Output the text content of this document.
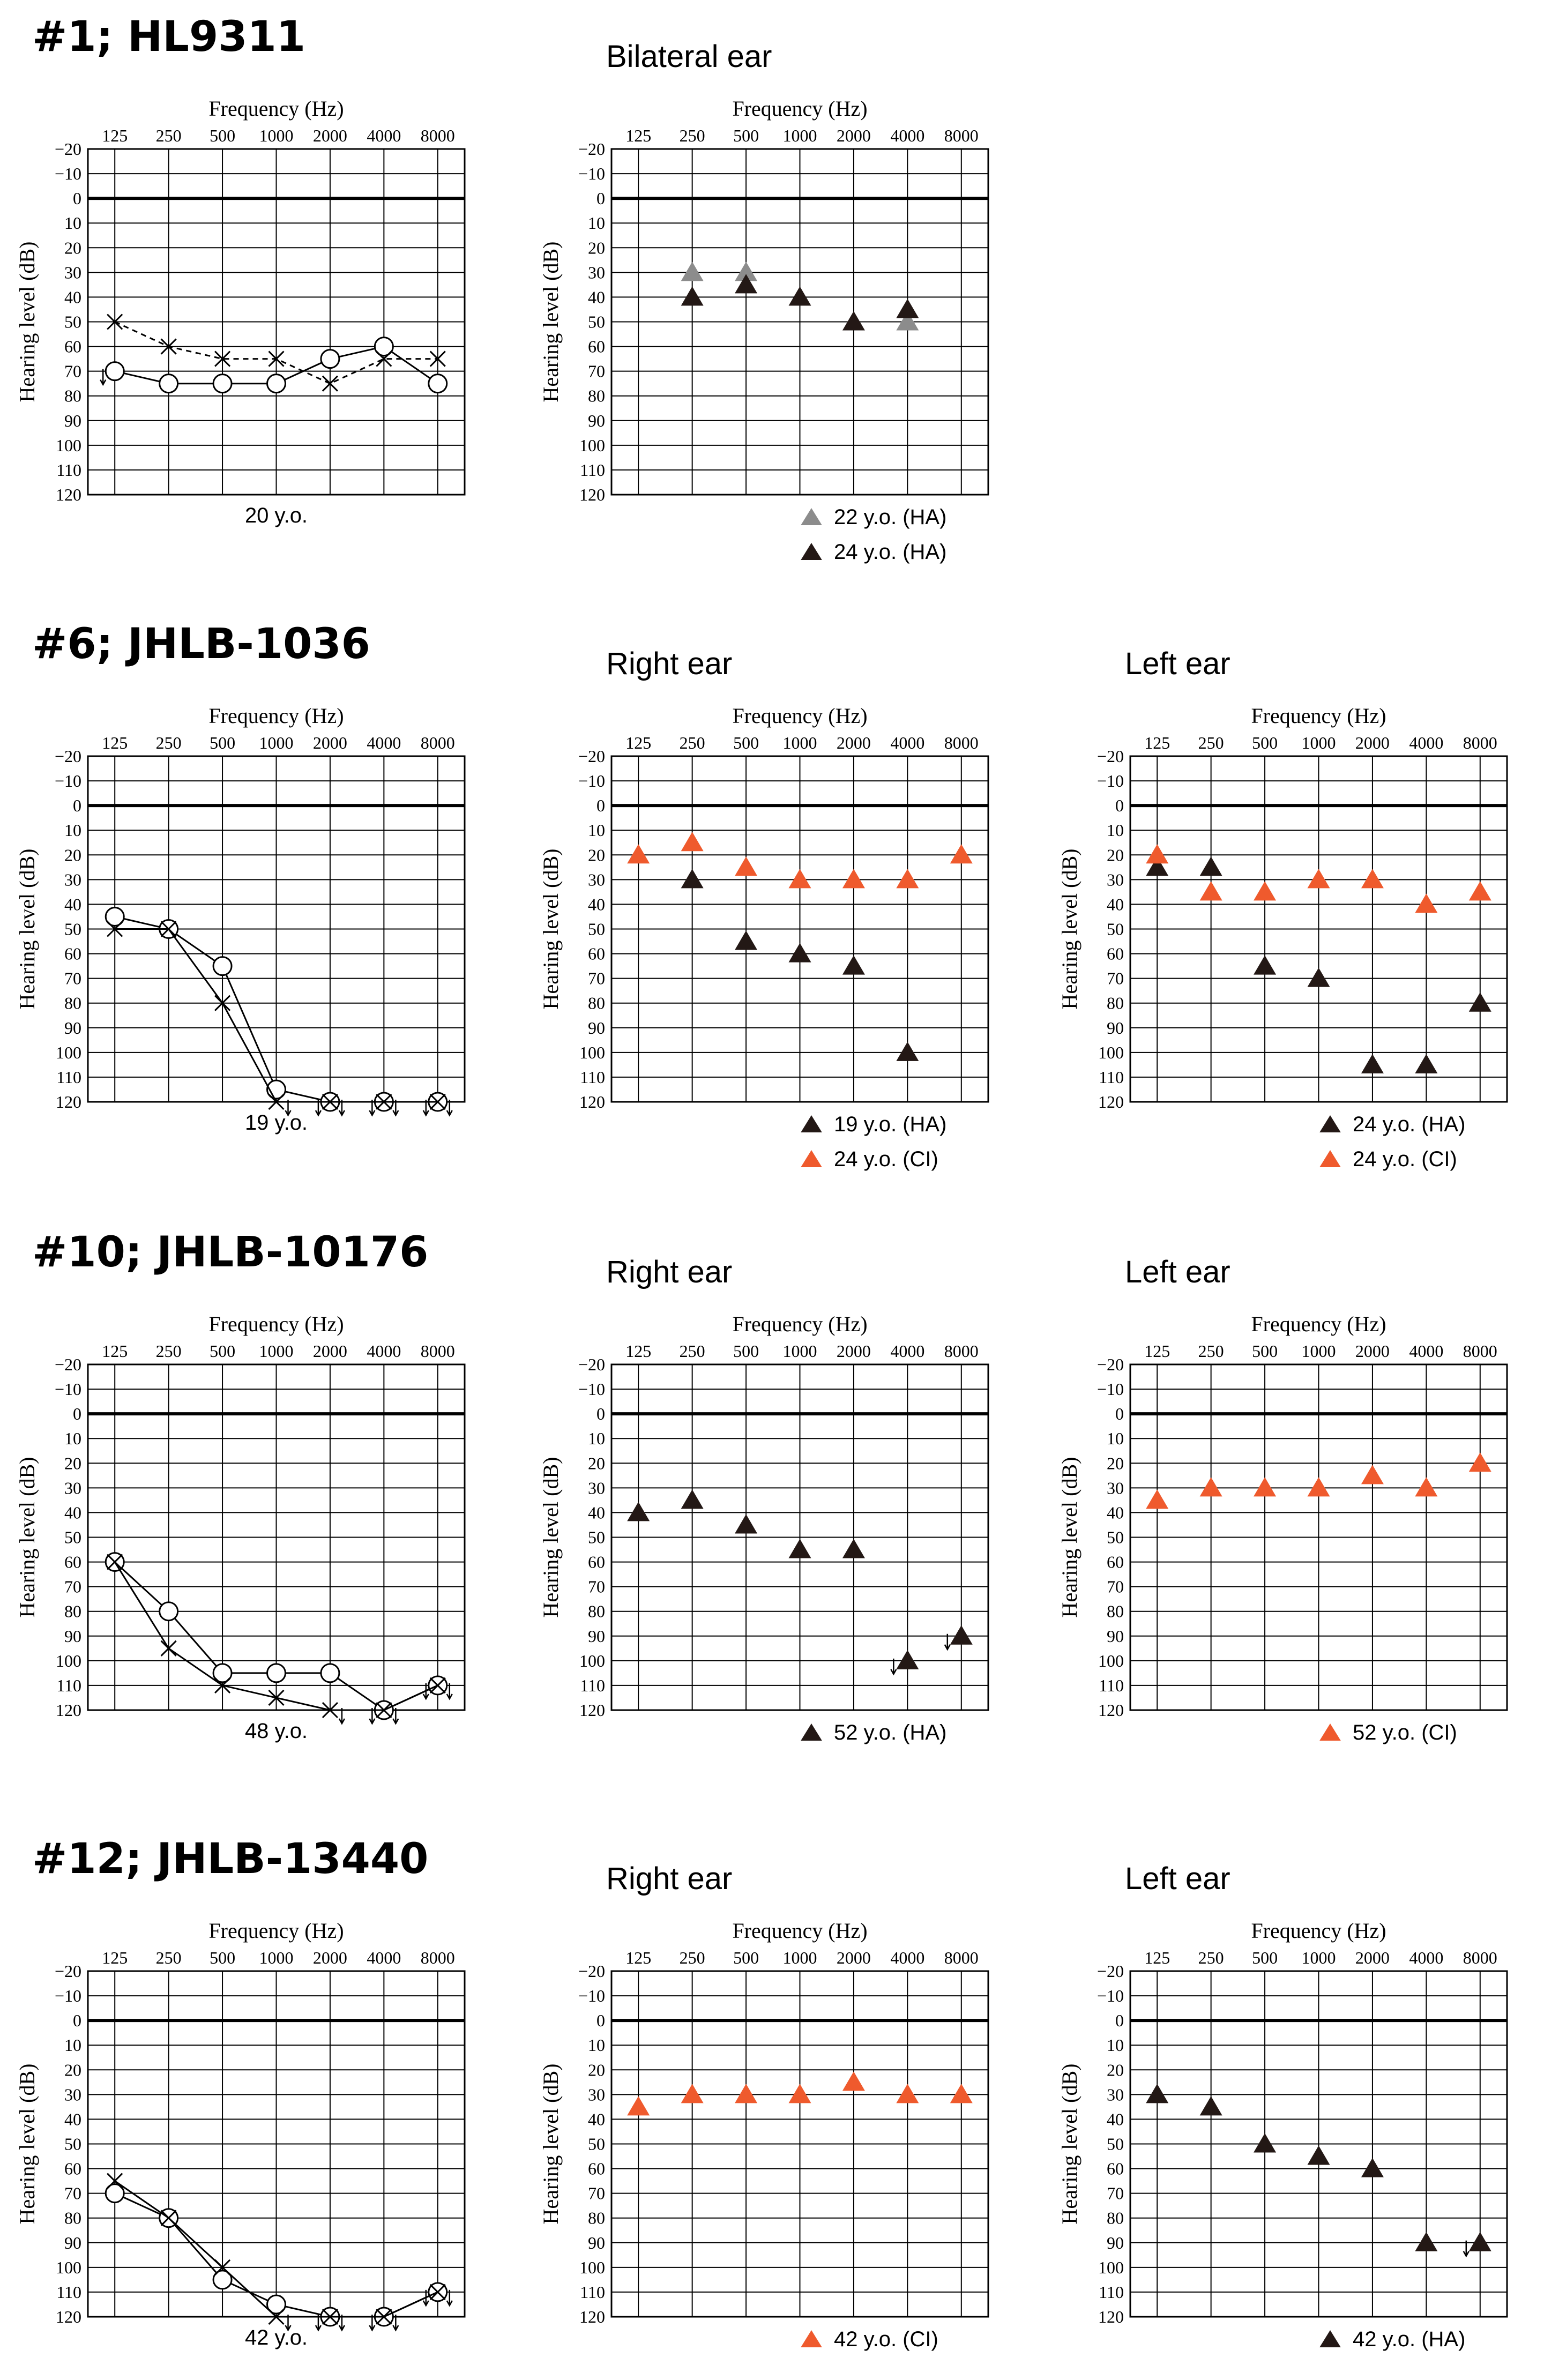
#1; HL9311
Frequency (Hz)
Hearing level (dB)
−20
−10
0
10
20
30
40
50
60
70
80
90
100
110
120
125 250 500 1000 2000 4000 8000
20 y.o.
Bilateral ear
Frequency (Hz)
Hearing level (dB)
−20
−10
0
10
20
30
40
50
60
70
80
90
100
110
120
125 250 500 1000 2000 4000 8000
22 y.o. (HA)
24 y.o. (HA)
#6; JHLB-1036
Frequency (Hz)
Hearing level (dB)
−20
−10
0
10
20
30
40
50
60
70
80
90
100
110
120
125 250 500 1000 2000 4000 8000
19 y.o.
Right ear
Frequency (Hz)
Hearing level (dB)
−20
−10
0
10
20
30
40
50
60
70
80
90
100
110
120
125 250 500 1000 2000 4000 8000
19 y.o. (HA)
24 y.o. (CI)
Left ear
Frequency (Hz)
Hearing level (dB)
−20
−10
0
10
20
30
40
50
60
70
80
90
100
110
120
125 250 500 1000 2000 4000 8000
24 y.o. (HA)
24 y.o. (CI)
#10; JHLB-10176
Frequency (Hz)
Hearing level (dB)
−20
−10
0
10
20
30
40
50
60
70
80
90
100
110
120
125 250 500 1000 2000 4000 8000
48 y.o.
Right ear
Frequency (Hz)
Hearing level (dB)
−20
−10
0
10
20
30
40
50
60
70
80
90
100
110
120
125 250 500 1000 2000 4000 8000
52 y.o. (HA)
Left ear
Frequency (Hz)
Hearing level (dB)
−20
−10
0
10
20
30
40
50
60
70
80
90
100
110
120
125 250 500 1000 2000 4000 8000
52 y.o. (CI)
#12; JHLB-13440
Frequency (Hz)
Hearing level (dB)
−20
−10
0
10
20
30
40
50
60
70
80
90
100
110
120
125 250 500 1000 2000 4000 8000
42 y.o.
Right ear
Frequency (Hz)
Hearing level (dB)
−20
−10
0
10
20
30
40
50
60
70
80
90
100
110
120
125 250 500 1000 2000 4000 8000
42 y.o. (CI)
Left ear
Frequency (Hz)
Hearing level (dB)
−20
−10
0
10
20
30
40
50
60
70
80
90
100
110
120
125 250 500 1000 2000 4000 8000
42 y.o. (HA)
